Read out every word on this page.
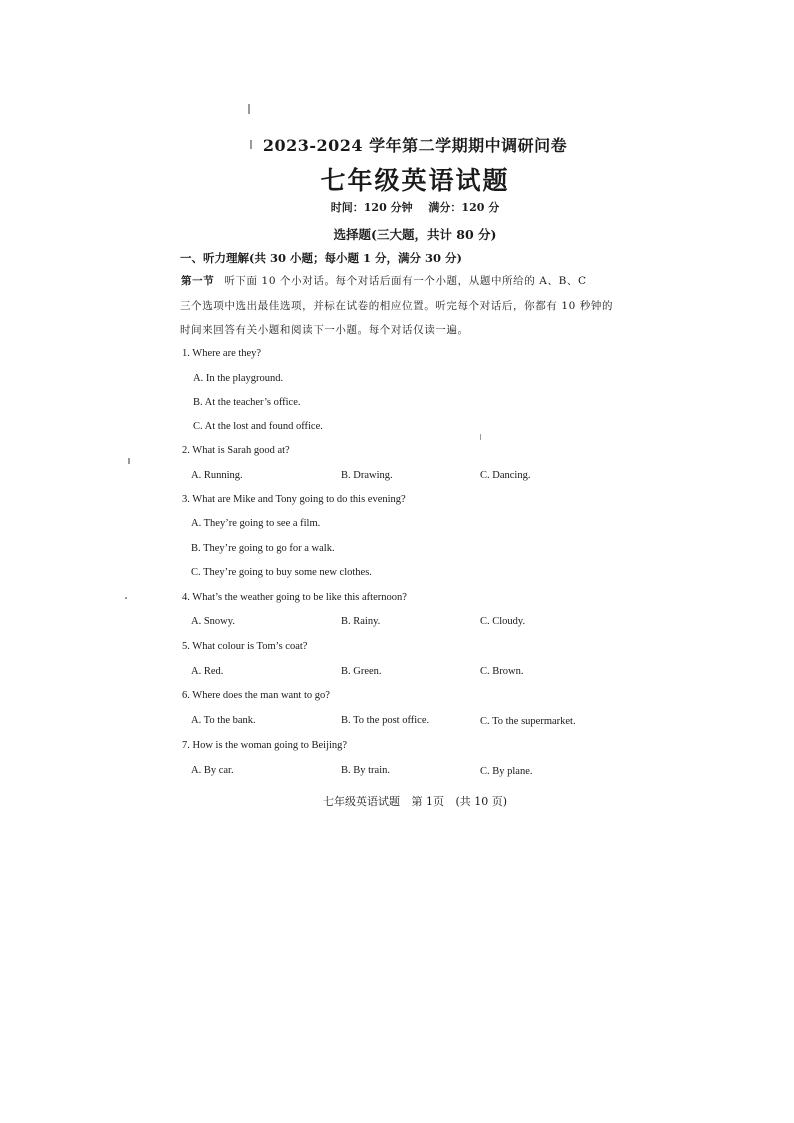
2023-2024 学年第二学期期中调研问卷
七年级英语试题
时间：120 分钟 满分：120 分
选择题(三大题，共计 80 分)
一、听力理解(共 30 小题；每小题 1 分，满分 30 分)
第一节 听下面 10 个小对话。每个对话后面有一个小题，从题中所给的 A、B、C
三个选项中选出最佳选项，并标在试卷的相应位置。听完每个对话后，你都有 10 秒钟的
时间来回答有关小题和阅读下一小题。每个对话仅读一遍。
1. Where are they?
A. In the playground.
B. At the teacher’s office.
C. At the lost and found office.
2. What is Sarah good at?
A. Running.	B. Drawing.	C. Dancing.
3. What are Mike and Tony going to do this evening?
A. They’re going to see a film.
B. They’re going to go for a walk.
C. They’re going to buy some new clothes.
4. What’s the weather going to be like this afternoon?
A. Snowy.	B. Rainy.	C. Cloudy.
5. What colour is Tom’s coat?
A. Red.	B. Green.	C. Brown.
6. Where does the man want to go?
A. To the bank.	B. To the post office.	C. To the supermarket.
7. How is the woman going to Beijing?
A. By car.	B. By train.	C. By plane.
七年级英语试题 第 1页 (共 10 页)
